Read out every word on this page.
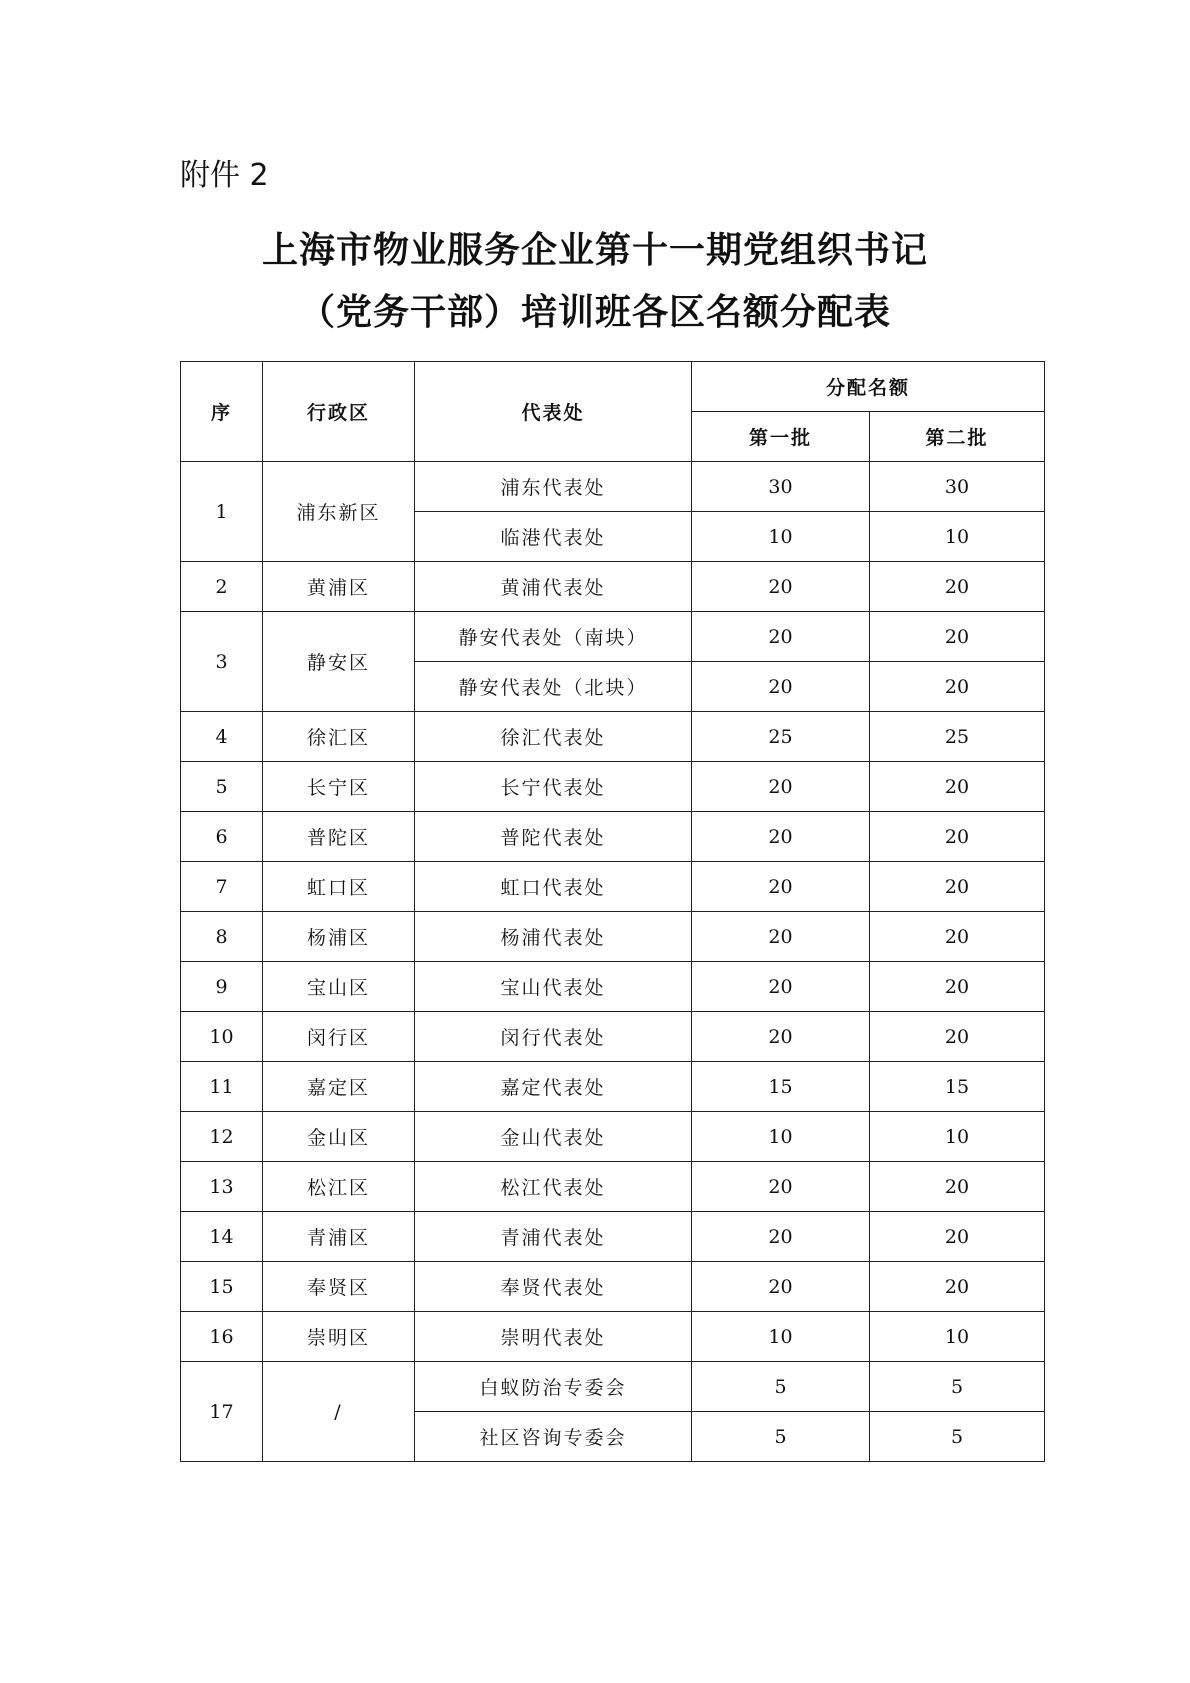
附件 2
上海市物业服务企业第十一期党组织书记
（党务干部）培训班各区名额分配表
序	行政区	代表处	分配名额	
			第一批	第二批
1	浦东新区	浦东代表处	30	30
		临港代表处	10	10
2	黄浦区	黄浦代表处	20	20
3	静安区	静安代表处（南块）	20	20
		静安代表处（北块）	20	20
4	徐汇区	徐汇代表处	25	25
5	长宁区	长宁代表处	20	20
6	普陀区	普陀代表处	20	20
7	虹口区	虹口代表处	20	20
8	杨浦区	杨浦代表处	20	20
9	宝山区	宝山代表处	20	20
10	闵行区	闵行代表处	20	20
11	嘉定区	嘉定代表处	15	15
12	金山区	金山代表处	10	10
13	松江区	松江代表处	20	20
14	青浦区	青浦代表处	20	20
15	奉贤区	奉贤代表处	20	20
16	崇明区	崇明代表处	10	10
17	/	白蚁防治专委会	5	5
		社区咨询专委会	5	5
